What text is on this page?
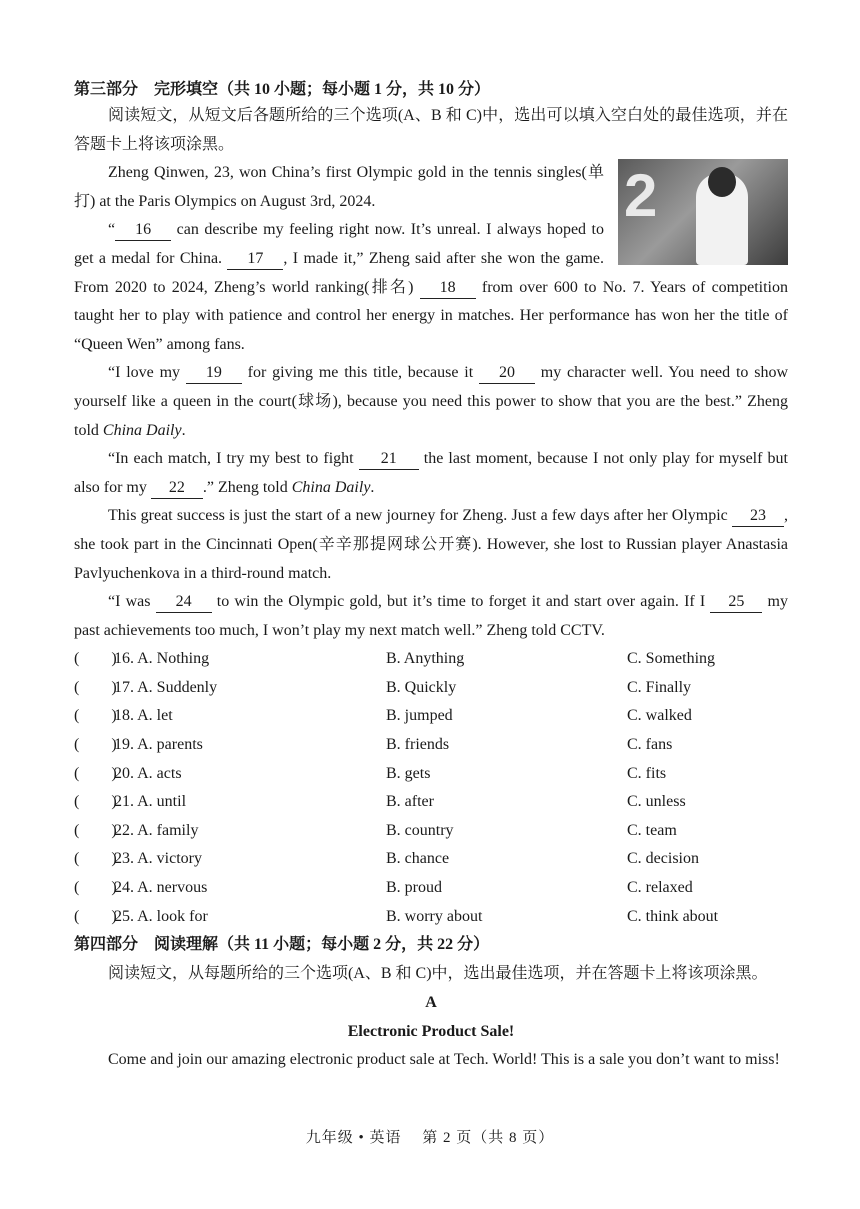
第三部分　完形填空（共 10 小题；每小题 1 分，共 10 分）

阅读短文，从短文后各题所给的三个选项(A、B 和 C)中，选出可以填入空白处的最佳选项，并在答题卡上将该项涂黑。

2

Zheng Qinwen, 23, won China’s first Olympic gold in the tennis singles(单打) at the Paris Olympics on August 3rd, 2024.

“ 16 can describe my feeling right now. It’s unreal. I always hoped to get a medal for China. 17 , I made it,” Zheng said after she won the game. From 2020 to 2024, Zheng’s world ranking(排名) 18 from over 600 to No. 7. Years of competition taught her to play with patience and control her energy in matches. Her performance has won her the title of “Queen Wen” among fans.

“I love my 19 for giving me this title, because it 20 my character well. You need to show yourself like a queen in the court(球场), because you need this power to show that you are the best.” Zheng told China Daily.

“In each match, I try my best to fight 21 the last moment, because I not only play for myself but also for my 22 .” Zheng told China Daily.

This great success is just the start of a new journey for Zheng. Just a few days after her Olympic 23 , she took part in the Cincinnati Open(辛辛那提网球公开赛). However, she lost to Russian player Anastasia Pavlyuchenkova in a third-round match.

“I was 24 to win the Olympic gold, but it’s time to forget it and start over again. If I 25 my past achievements too much, I won’t play my next match well.” Zheng told CCTV.

(　　)16. A. Nothing	B. Anything	C. Something
(　　)17. A. Suddenly	B. Quickly	C. Finally
(　　)18. A. let	B. jumped	C. walked
(　　)19. A. parents	B. friends	C. fans
(　　)20. A. acts	B. gets	C. fits
(　　)21. A. until	B. after	C. unless
(　　)22. A. family	B. country	C. team
(　　)23. A. victory	B. chance	C. decision
(　　)24. A. nervous	B. proud	C. relaxed
(　　)25. A. look for	B. worry about	C. think about
第四部分　阅读理解（共 11 小题；每小题 2 分，共 22 分）

阅读短文，从每题所给的三个选项(A、B 和 C)中，选出最佳选项，并在答题卡上将该项涂黑。

A
Electronic Product Sale!

Come and join our amazing electronic product sale at Tech. World! This is a sale you don’t want to miss!

九年级 • 英语　 第 2 页（共 8 页）
